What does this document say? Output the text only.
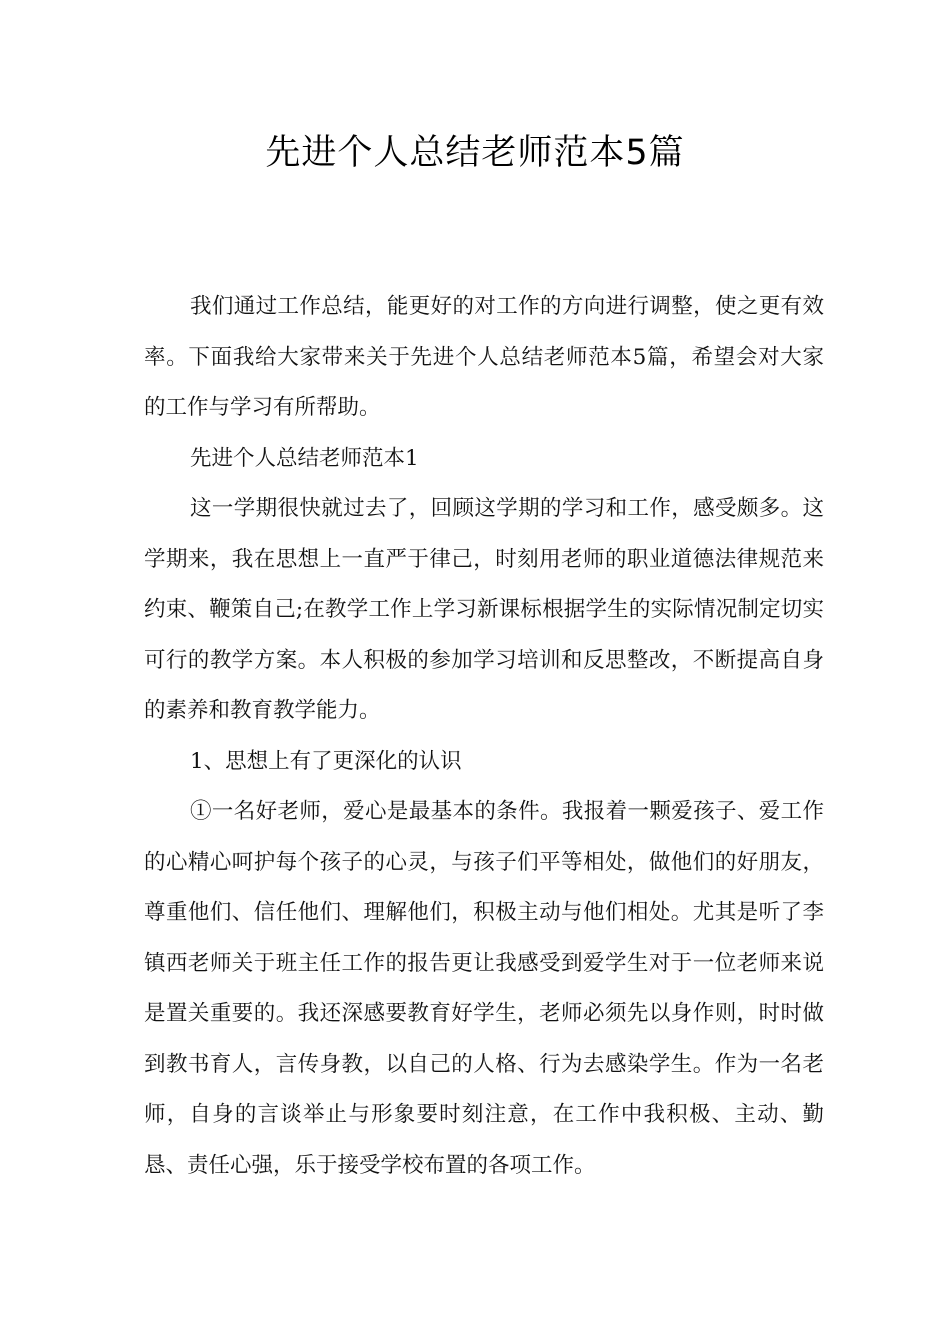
先进个人总结老师范本5篇

我们通过工作总结，能更好的对工作的方向进行调整，使之更有效率。下面我给大家带来关于先进个人总结老师范本5篇，希望会对大家的工作与学习有所帮助。

先进个人总结老师范本1

这一学期很快就过去了，回顾这学期的学习和工作，感受颇多。这学期来，我在思想上一直严于律己，时刻用老师的职业道德法律规范来约束、鞭策自己;在教学工作上学习新课标根据学生的实际情况制定切实可行的教学方案。本人积极的参加学习培训和反思整改，不断提高自身的素养和教育教学能力。

1、思想上有了更深化的认识

①一名好老师，爱心是最基本的条件。我报着一颗爱孩子、爱工作的心精心呵护每个孩子的心灵，与孩子们平等相处，做他们的好朋友，尊重他们、信任他们、理解他们，积极主动与他们相处。尤其是听了李镇西老师关于班主任工作的报告更让我感受到爱学生对于一位老师来说是置关重要的。我还深感要教育好学生，老师必须先以身作则，时时做到教书育人，言传身教，以自己的人格、行为去感染学生。作为一名老师，自身的言谈举止与形象要时刻注意，在工作中我积极、主动、勤恳、责任心强，乐于接受学校布置的各项工作。
